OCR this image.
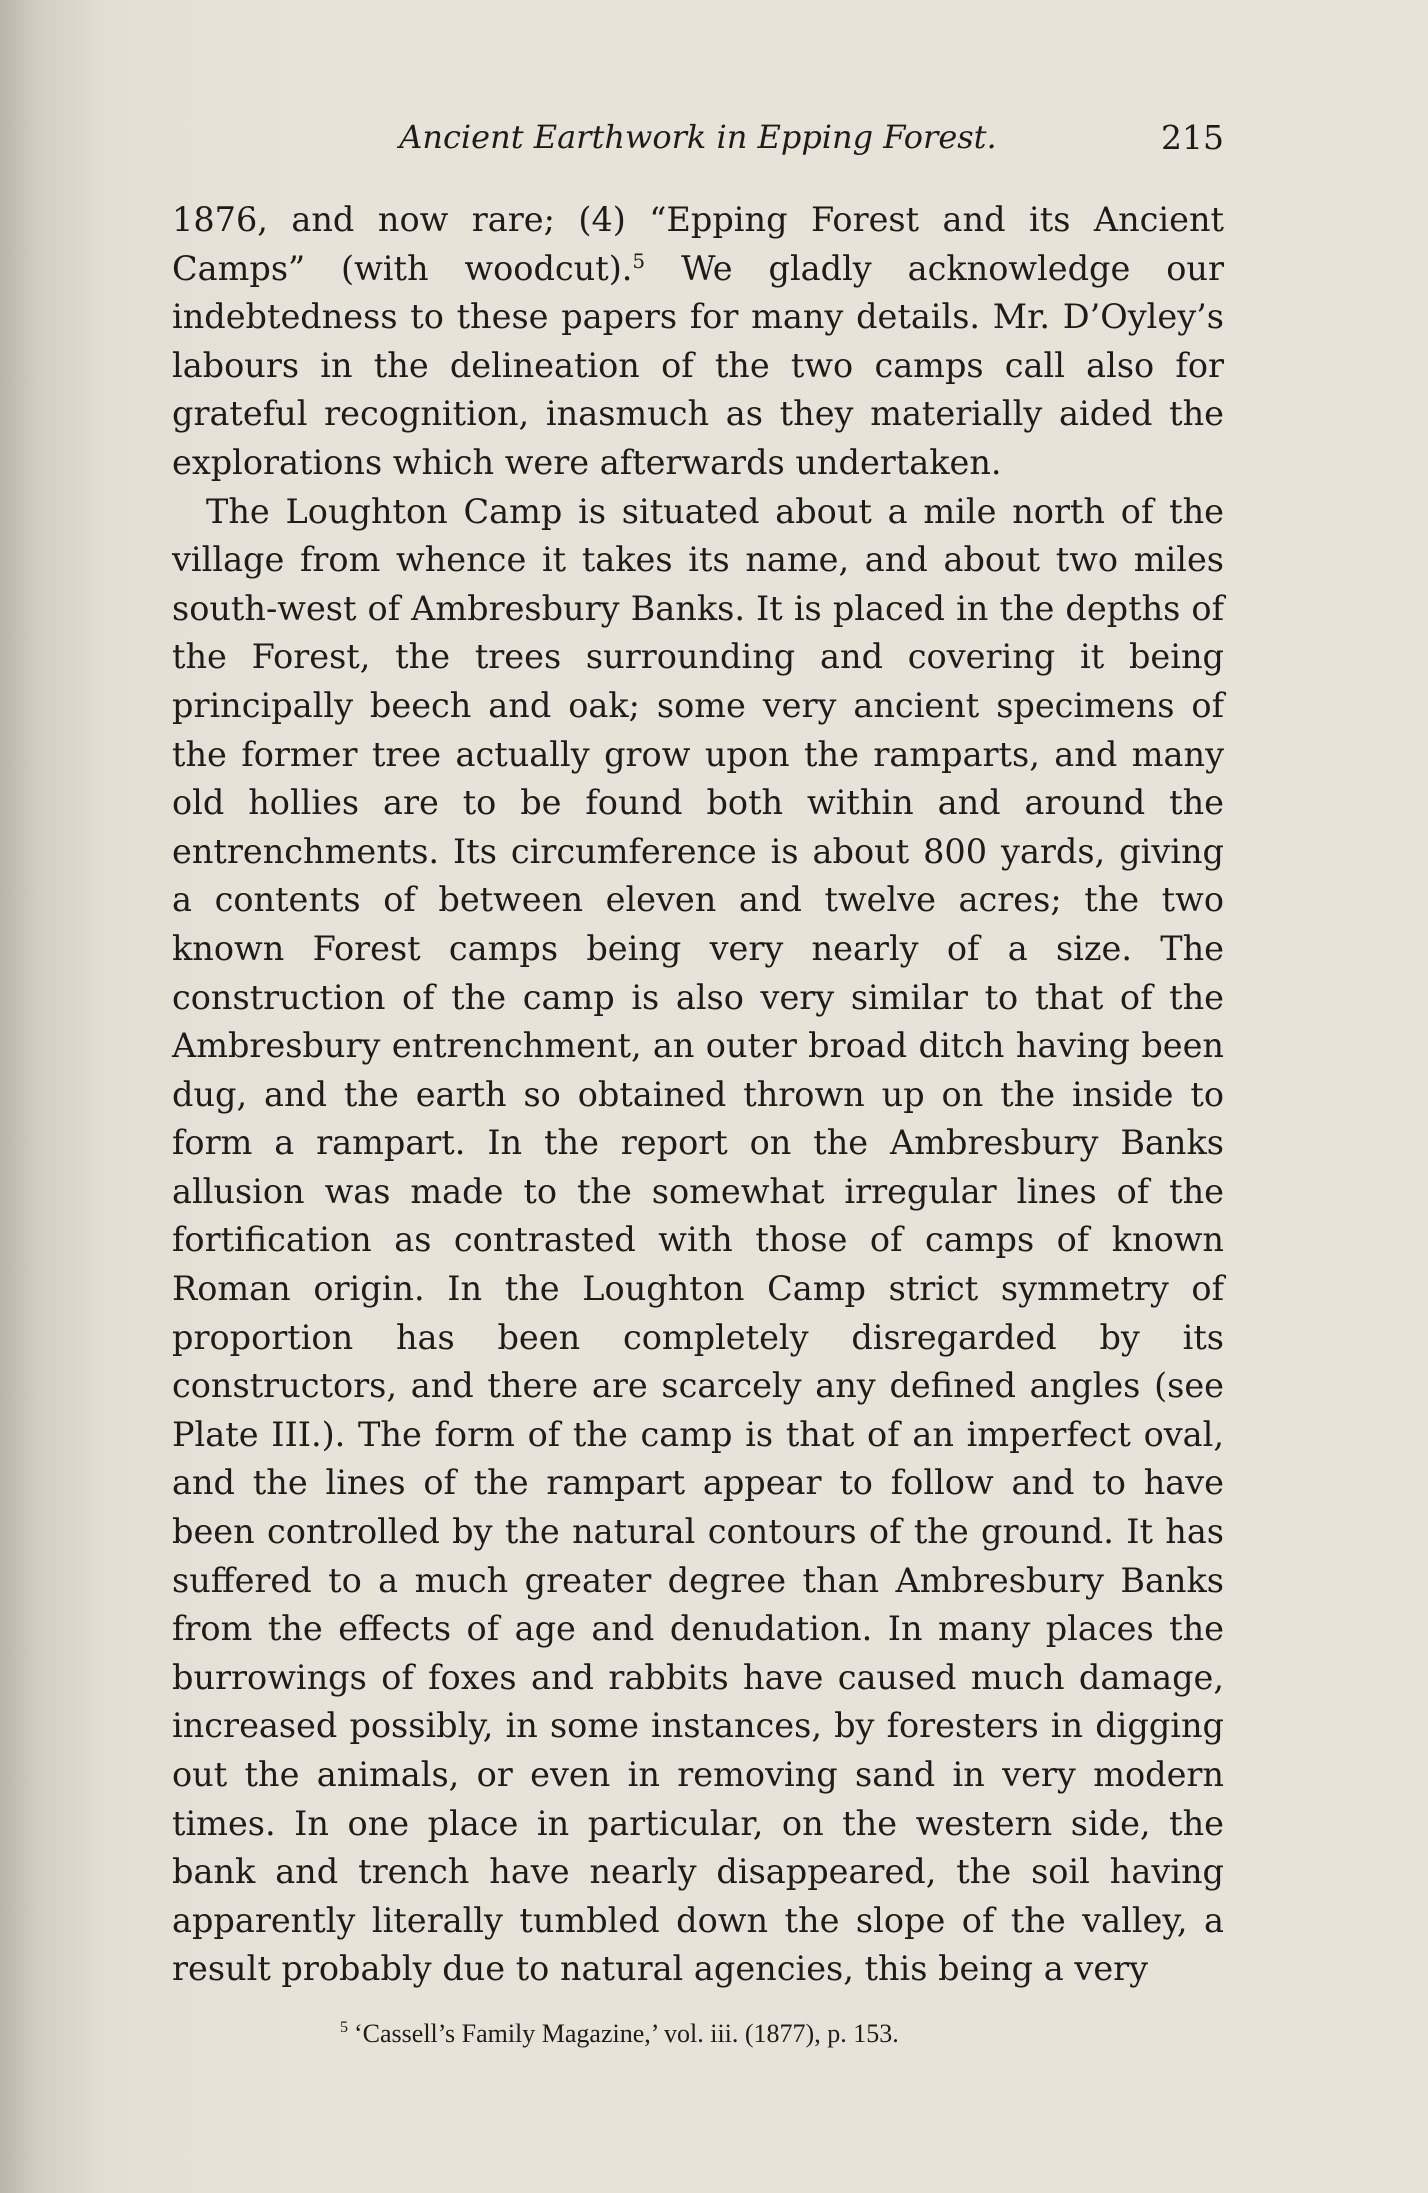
Ancient Earthwork in Epping Forest.	215

1876, and now rare; (4) “Epping Forest and its Ancient Camps” (with woodcut).$^5$ We gladly acknowledge our indebtedness to these papers for many details. Mr. D’Oyley’s labours in the delineation of the two camps call also for grateful recognition, inasmuch as they materially aided the explorations which were afterwards undertaken.

The Loughton Camp is situated about a mile north of the village from whence it takes its name, and about two miles south-west of Ambresbury Banks. It is placed in the depths of the Forest, the trees surrounding and covering it being principally beech and oak; some very ancient specimens of the former tree actually grow upon the ramparts, and many old hollies are to be found both within and around the entrenchments. Its circumference is about 800 yards, giving a contents of between eleven and twelve acres; the two known Forest camps being very nearly of a size. The construction of the camp is also very similar to that of the Ambresbury entrenchment, an outer broad ditch having been dug, and the earth so obtained thrown up on the inside to form a rampart. In the report on the Ambresbury Banks allusion was made to the somewhat irregular lines of the fortification as contrasted with those of camps of known Roman origin. In the Loughton Camp strict symmetry of proportion has been completely disregarded by its constructors, and there are scarcely any defined angles (see Plate III.). The form of the camp is that of an imperfect oval, and the lines of the rampart appear to follow and to have been controlled by the natural contours of the ground. It has suffered to a much greater degree than Ambresbury Banks from the effects of age and denudation. In many places the burrowings of foxes and rabbits have caused much damage, increased possibly, in some instances, by foresters in digging out the animals, or even in removing sand in very modern times. In one place in particular, on the western side, the bank and trench have nearly disappeared, the soil having apparently literally tumbled down the slope of the valley, a result probably due to natural agencies, this being a very

$^5$ ‘Cassell’s Family Magazine,’ vol. iii. (1877), p. 153.
